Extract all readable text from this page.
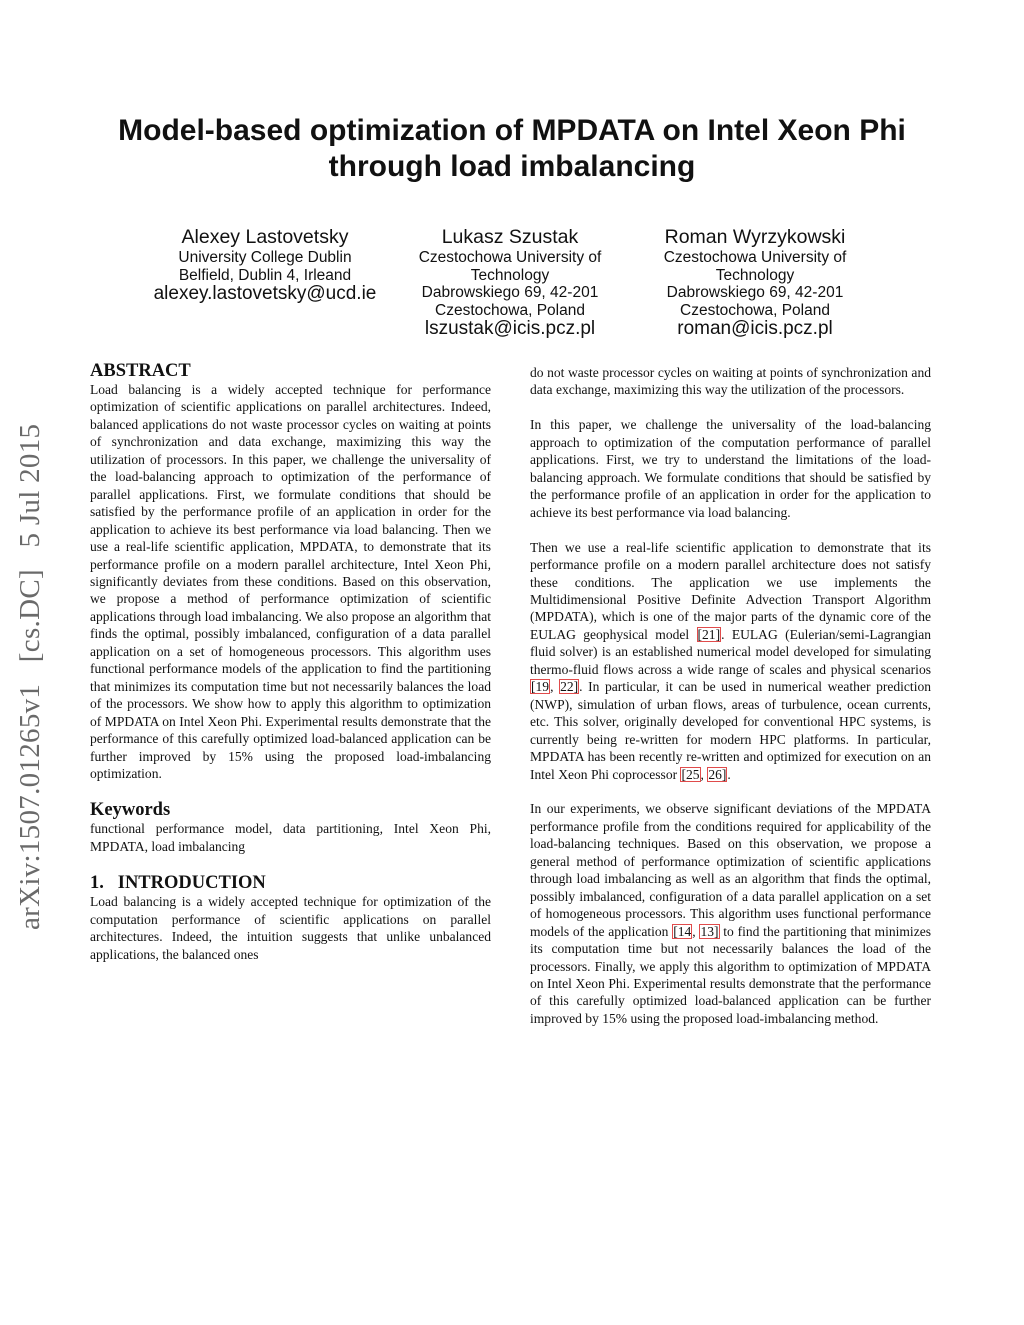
arXiv:1507.01265v1 [cs.DC] 5 Jul 2015
Model-based optimization of MPDATA on Intel Xeon Phi
through load imbalancing
Alexey Lastovetsky
University College Dublin
Belfield, Dublin 4, Irleand
alexey.lastovetsky@ucd.ie
Lukasz Szustak
Czestochowa University of
Technology
Dabrowskiego 69, 42-201
Czestochowa, Poland
lszustak@icis.pcz.pl
Roman Wyrzykowski
Czestochowa University of
Technology
Dabrowskiego 69, 42-201
Czestochowa, Poland
roman@icis.pcz.pl
ABSTRACT

Load balancing is a widely accepted technique for performance optimization of scientific applications on parallel architectures. Indeed, balanced applications do not waste processor cycles on waiting at points of synchronization and data exchange, maximizing this way the utilization of processors. In this paper, we challenge the universality of the load-balancing approach to optimization of the performance of parallel applications. First, we formulate conditions that should be satisfied by the performance profile of an application in order for the application to achieve its best performance via load balancing. Then we use a real-life scientific application, MPDATA, to demonstrate that its performance profile on a modern parallel architecture, Intel Xeon Phi, significantly deviates from these conditions. Based on this observation, we propose a method of performance optimization of scientific applications through load imbalancing. We also propose an algorithm that finds the optimal, possibly imbalanced, configuration of a data parallel application on a set of homogeneous processors. This algorithm uses functional performance models of the application to find the partitioning that minimizes its computation time but not necessarily balances the load of the processors. We show how to apply this algorithm to optimization of MPDATA on Intel Xeon Phi. Experimental results demonstrate that the performance of this carefully optimized load-balanced application can be further improved by 15% using the proposed load-imbalancing optimization.

Keywords

functional performance model, data partitioning, Intel Xeon Phi, MPDATA, load imbalancing

1.   INTRODUCTION

Load balancing is a widely accepted technique for optimization of the computation performance of scientific applications on parallel architectures. Indeed, the intuition suggests that unlike unbalanced applications, the balanced ones

do not waste processor cycles on waiting at points of synchronization and data exchange, maximizing this way the utilization of the processors.

In this paper, we challenge the universality of the load-balancing approach to optimization of the computation performance of parallel applications. First, we try to understand the limitations of the load-balancing approach. We formulate conditions that should be satisfied by the performance profile of an application in order for the application to achieve its best performance via load balancing.

Then we use a real-life scientific application to demonstrate that its performance profile on a modern parallel architecture does not satisfy these conditions. The application we use implements the Multidimensional Positive Definite Advection Transport Algorithm (MPDATA), which is one of the major parts of the dynamic core of the EULAG geophysical model [21]. EULAG (Eulerian/semi-Lagrangian fluid solver) is an established numerical model developed for simulating thermo-fluid flows across a wide range of scales and physical scenarios [19, 22]. In particular, it can be used in numerical weather prediction (NWP), simulation of urban flows, areas of turbulence, ocean currents, etc. This solver, originally developed for conventional HPC systems, is currently being re-written for modern HPC platforms. In particular, MPDATA has been recently re-written and optimized for execution on an Intel Xeon Phi coprocessor [25, 26].

In our experiments, we observe significant deviations of the MPDATA performance profile from the conditions required for applicability of the load-balancing techniques. Based on this observation, we propose a general method of performance optimization of scientific applications through load imbalancing as well as an algorithm that finds the optimal, possibly imbalanced, configuration of a data parallel application on a set of homogeneous processors. This algorithm uses functional performance models of the application [14, 13] to find the partitioning that minimizes its computation time but not necessarily balances the load of the processors. Finally, we apply this algorithm to optimization of MPDATA on Intel Xeon Phi. Experimental results demonstrate that the performance of this carefully optimized load-balanced application can be further improved by 15% using the proposed load-imbalancing method.
